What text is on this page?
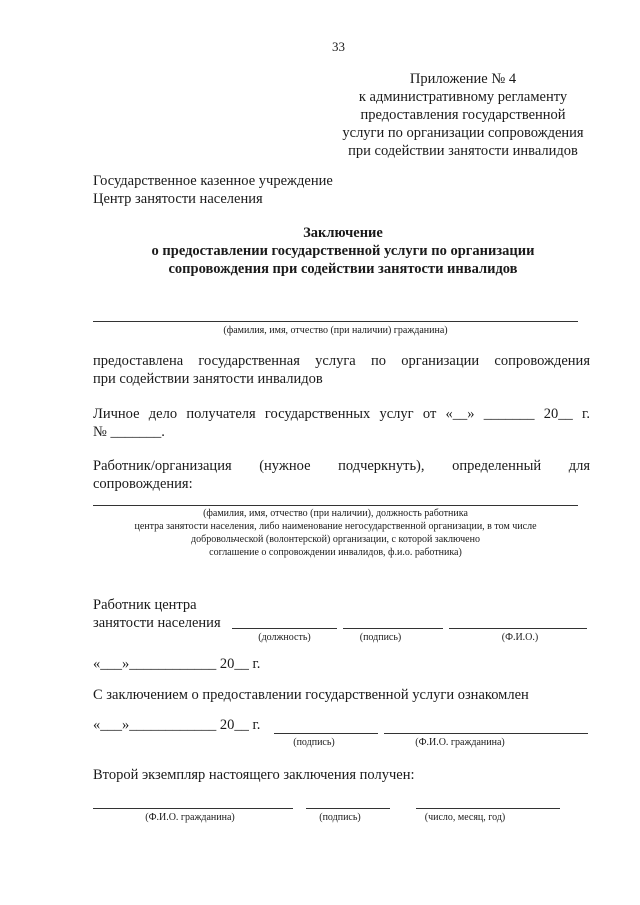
33
Приложение № 4
к административному регламенту
предоставления государственной
услуги по организации сопровождения
при содействии занятости инвалидов
Государственное казенное учреждение
Центр занятости населения
Заключение
о предоставлении государственной услуги по организации
сопровождения при содействии занятости инвалидов
(фамилия, имя, отчество (при наличии) гражданина)
предоставлена государственная услуга по организации сопровождения
при содействии занятости инвалидов
Личное дело получателя государственных услуг от «__» _______ 20__ г.
№ _______.
Работник/организация (нужное подчеркнуть), определенный для
сопровождения:
(фамилия, имя, отчество (при наличии), должность работника
центра занятости населения, либо наименование негосударственной организации, в том числе
добровольческой (волонтерской) организации, с которой заключено
соглашение о сопровождении инвалидов, ф.и.о. работника)
Работник центра
занятости населения
(должность)	(подпись)	(Ф.И.О.)
«___»____________ 20__ г.
С заключением о предоставлении государственной услуги ознакомлен
«___»____________ 20__ г.
(подпись)	(Ф.И.О. гражданина)
Второй экземпляр настоящего заключения получен:
(Ф.И.О. гражданина)	(подпись)	(число, месяц, год)
